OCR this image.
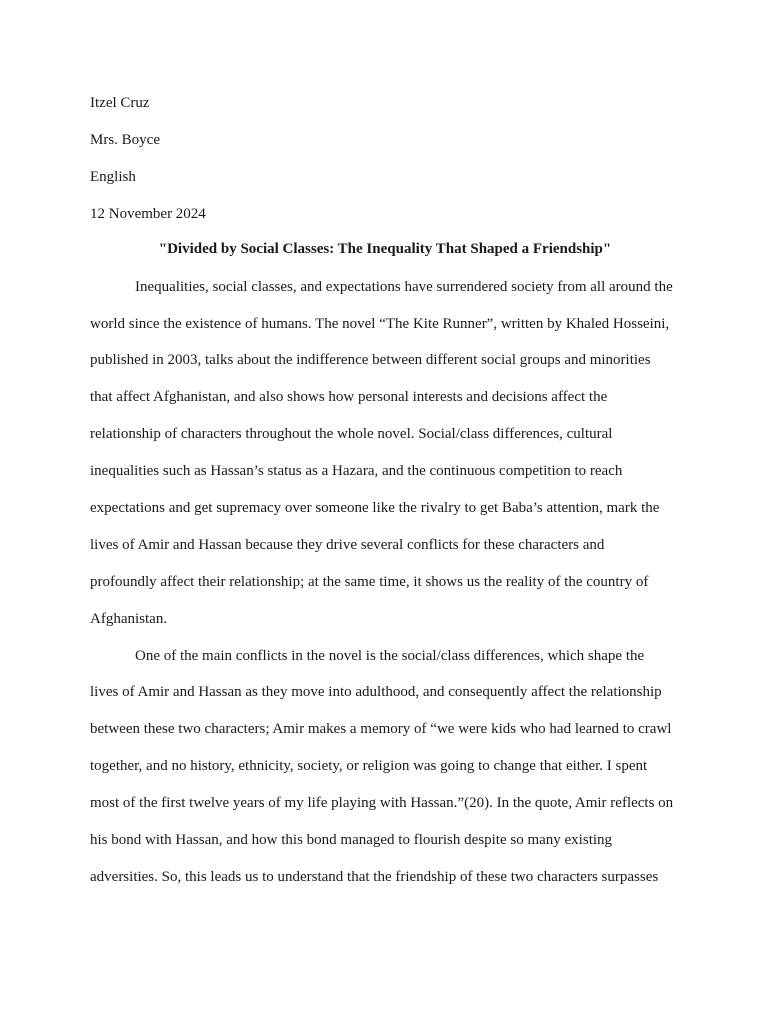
Itzel Cruz
Mrs. Boyce
English
12 November 2024
"Divided by Social Classes: The Inequality That Shaped a Friendship"
Inequalities, social classes, and expectations have surrendered society from all around the
world since the existence of humans. The novel “The Kite Runner”, written by Khaled Hosseini,
published in 2003, talks about the indifference between different social groups and minorities
that affect Afghanistan, and also shows how personal interests and decisions affect the
relationship of characters throughout the whole novel. Social/class differences, cultural
inequalities such as Hassan’s status as a Hazara, and the continuous competition to reach
expectations and get supremacy over someone like the rivalry to get Baba’s attention, mark the
lives of Amir and Hassan because they drive several conflicts for these characters and
profoundly affect their relationship; at the same time, it shows us the reality of the country of
Afghanistan.
One of the main conflicts in the novel is the social/class differences, which shape the
lives of Amir and Hassan as they move into adulthood, and consequently affect the relationship
between these two characters; Amir makes a memory of “we were kids who had learned to crawl
together, and no history, ethnicity, society, or religion was going to change that either. I spent
most of the first twelve years of my life playing with Hassan.”(20). In the quote, Amir reflects on
his bond with Hassan, and how this bond managed to flourish despite so many existing
adversities. So, this leads us to understand that the friendship of these two characters surpasses
